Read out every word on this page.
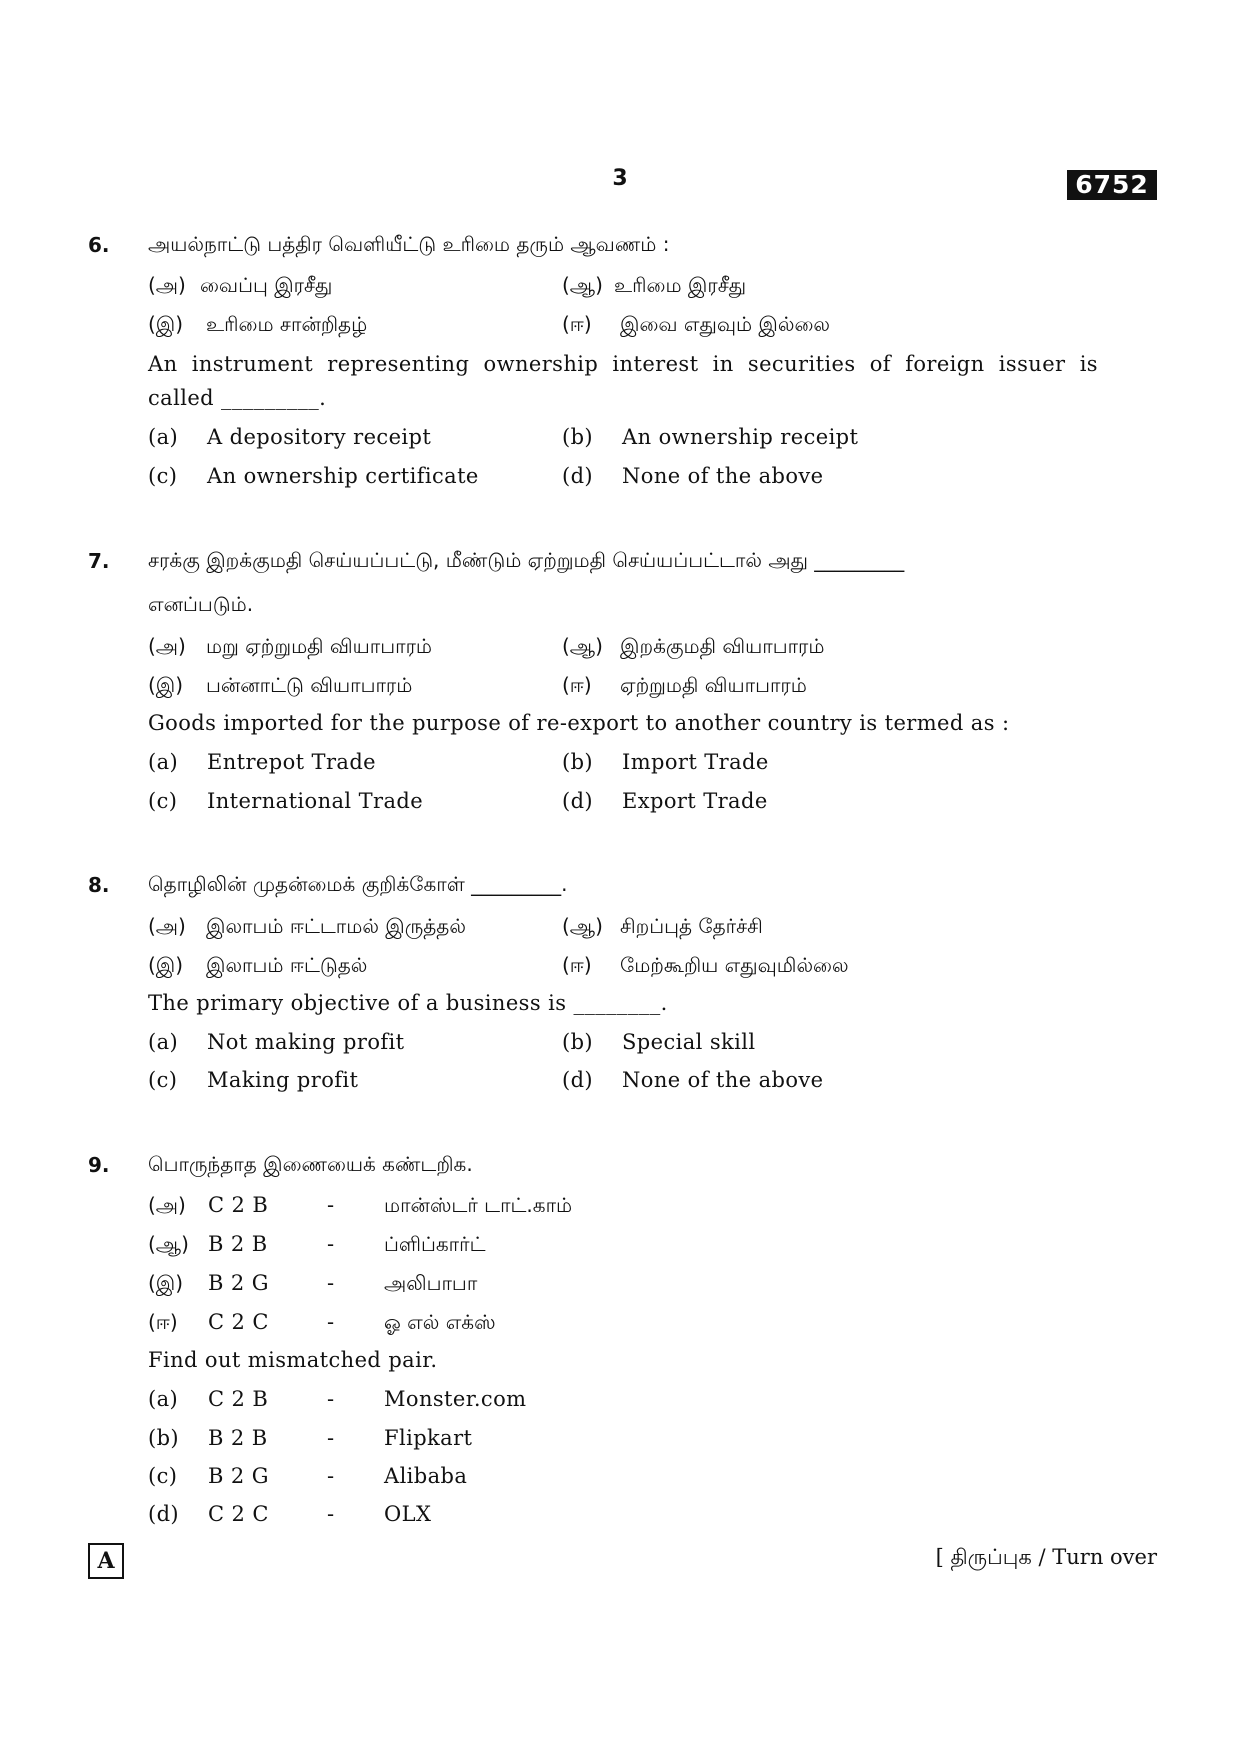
3	6752
6. அயல்நாட்டு பத்திர வெளியீட்டு உரிமை தரும் ஆவணம் :
(அ) வைப்பு இரசீது	(ஆ) உரிமை இரசீது
(இ) உரிமை சான்றிதழ்	(ஈ) இவை எதுவும் இல்லை
An instrument representing ownership interest in securities of foreign issuer is
called _________.
(a) A depository receipt	(b) An ownership receipt
(c) An ownership certificate	(d) None of the above
7. சரக்கு இறக்குமதி செய்யப்பட்டு, மீண்டும் ஏற்றுமதி செய்யப்பட்டால் அது _________
எனப்படும்.
(அ) மறு ஏற்றுமதி வியாபாரம்	(ஆ) இறக்குமதி வியாபாரம்
(இ) பன்னாட்டு வியாபாரம்	(ஈ) ஏற்றுமதி வியாபாரம்
Goods imported for the purpose of re-export to another country is termed as :
(a) Entrepot Trade	(b) Import Trade
(c) International Trade	(d) Export Trade
8. தொழிலின் முதன்மைக் குறிக்கோள் _________.
(அ) இலாபம் ஈட்டாமல் இருத்தல்	(ஆ) சிறப்புத் தேர்ச்சி
(இ) இலாபம் ஈட்டுதல்	(ஈ) மேற்கூறிய எதுவுமில்லை
The primary objective of a business is ________.
(a) Not making profit	(b) Special skill
(c) Making profit	(d) None of the above
9. பொருந்தாத இணையைக் கண்டறிக.
(அ) C 2 B	- மான்ஸ்டர் டாட்.காம்
(ஆ) B 2 B	- ப்ளிப்கார்ட்
(இ) B 2 G	- அலிபாபா
(ஈ) C 2 C	- ஓ எல் எக்ஸ்
Find out mismatched pair.
(a) C 2 B	- Monster.com
(b) B 2 B	- Flipkart
(c) B 2 G	- Alibaba
(d) C 2 C	- OLX
A	[ திருப்புக / Turn over
